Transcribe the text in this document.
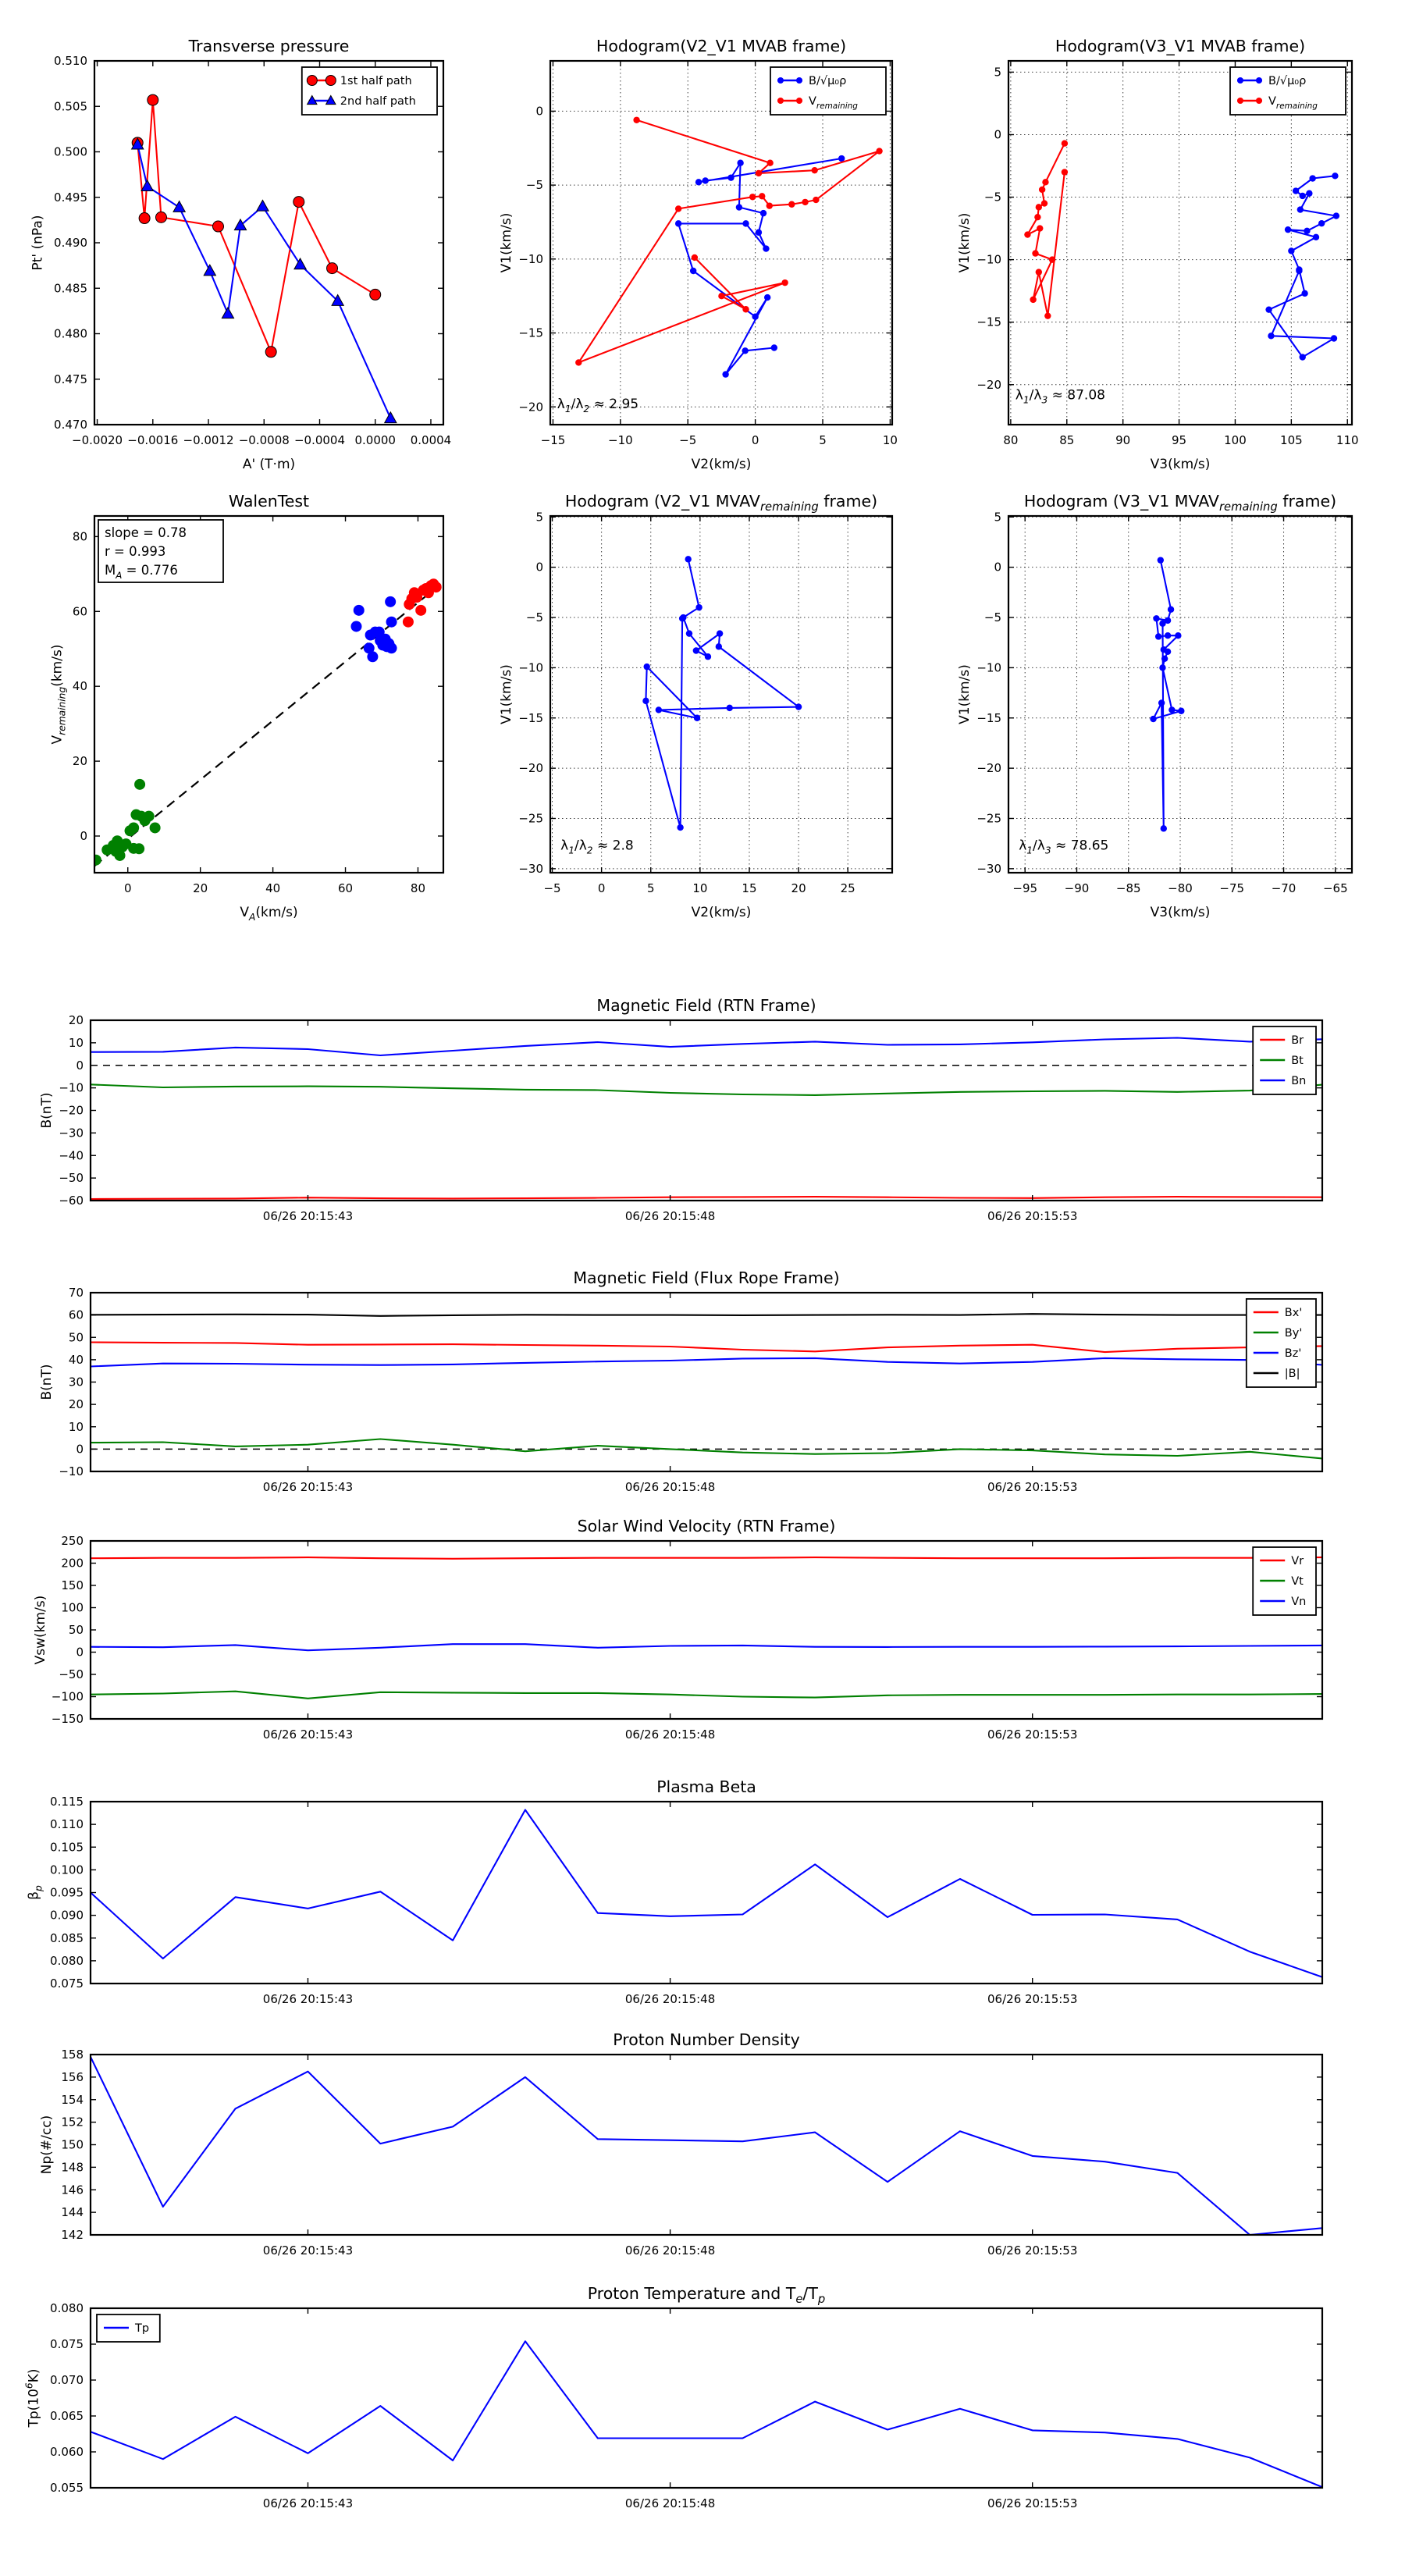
−0.0020 −0.0016 −0.0012 −0.0008 −0.0004 0.0000 0.0004
0.470
0.475
0.480
0.485
0.490
0.495
0.500
0.505
0.510
Transverse pressure
A' (T·m)
Pt' (nPa)
1st half path
2nd half path
−15	−10	−5	0	5	10
0
−5
−10
−15
−20
Hodogram(V2_V1 MVAB frame)
V2(km/s)
V1(km/s)
B/√μ₀ρ
$V_{remaining}$
$\lambda_1/\lambda_2 \approx 2.95$
80	85	90	95	100	105	110
5
0
−5
−10
−15
−20
Hodogram(V3_V1 MVAB frame)
V3(km/s)
V1(km/s)
B/√μ₀ρ
$V_{remaining}$
$\lambda_1/\lambda_3 \approx 87.08$
0	20	40	60	80
0
20
40
60
80
WalenTest
$V_A(km/s)$
$V_{remaining}(km/s)$
slope = 0.78
r = 0.993
$M_A = 0.776$
−5	0	5	10	15	20	25
5
0
−5
−10
−15
−20
−25
−30
Hodogram (V2_V1 $MVAV_{remaining}$ frame)
V2(km/s)
V1(km/s)
$\lambda_1/\lambda_2 \approx 2.8$
−95 −90 −85 −80 −75 −70 −65
5
0
−5
−10
−15
−20
−25
−30
Hodogram (V3_V1 $MVAV_{remaining}$ frame)
V3(km/s)
V1(km/s)
$\lambda_1/\lambda_3 \approx 78.65$
06/26 20:15:43	06/26 20:15:48	06/26 20:15:53
−60
−50
−40
−30
−20
−10
0
10
20
Magnetic Field (RTN Frame)
B(nT)
Br
Bt
Bn
06/26 20:15:43	06/26 20:15:48	06/26 20:15:53
−10
0
10
20
30
40
50
60
70
Magnetic Field (Flux Rope Frame)
B(nT)
Bx'
By'
Bz'
|B|
06/26 20:15:43	06/26 20:15:48	06/26 20:15:53
−150
−100
−50
0
50
100
150
200
250
Solar Wind Velocity (RTN Frame)
Vsw(km/s)
Vr
Vt
Vn
06/26 20:15:43	06/26 20:15:48	06/26 20:15:53
0.075
0.080
0.085
0.090
0.095
0.100
0.105
0.110
0.115
Plasma Beta
$\beta_p$
06/26 20:15:43	06/26 20:15:48	06/26 20:15:53
142
144
146
148
150
152
154
156
158
Proton Number Density
Np(#/cc)
06/26 20:15:43	06/26 20:15:48	06/26 20:15:53
0.055
0.060
0.065
0.070
0.075
0.080
Proton Temperature and $T_e/T_p$
$Tp(10^6K)$
Tp
